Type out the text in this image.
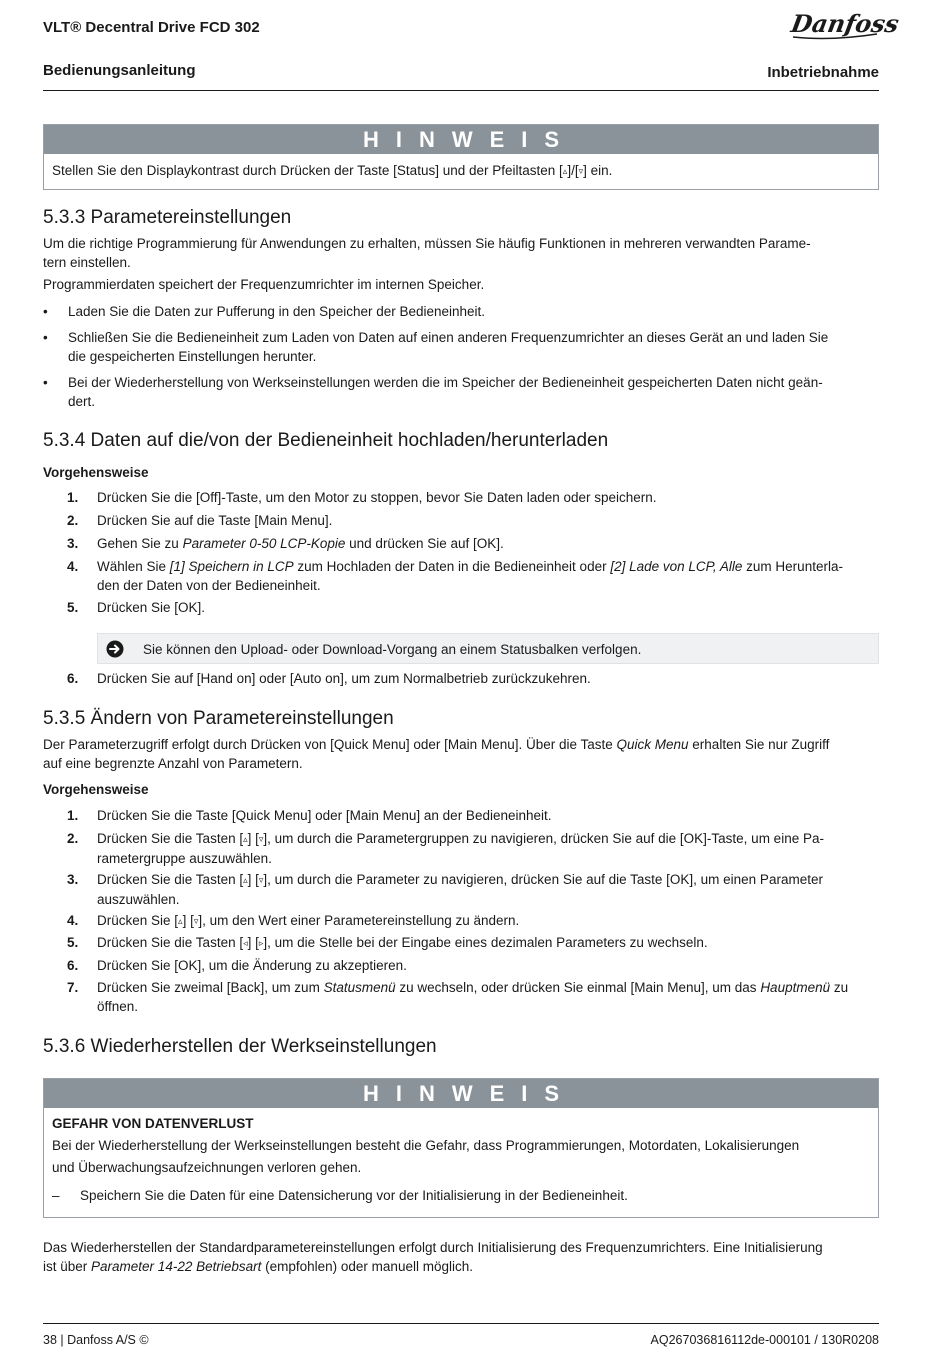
VLT® Decentral Drive FCD 302	Danfoss
Bedienungsanleitung	Inbetriebnahme
HINWEIS
Stellen Sie den Displaykontrast durch Drücken der Taste [Status] und der Pfeiltasten [▵]/[▿] ein.
5.3.3 Parametereinstellungen
Um die richtige Programmierung für Anwendungen zu erhalten, müssen Sie häufig Funktionen in mehreren verwandten Parame-
tern einstellen.
Programmierdaten speichert der Frequenzumrichter im internen Speicher.
• Laden Sie die Daten zur Pufferung in den Speicher der Bedieneinheit.
• Schließen Sie die Bedieneinheit zum Laden von Daten auf einen anderen Frequenzumrichter an dieses Gerät an und laden Sie
die gespeicherten Einstellungen herunter.
• Bei der Wiederherstellung von Werkseinstellungen werden die im Speicher der Bedieneinheit gespeicherten Daten nicht geän-
dert.
5.3.4 Daten auf die/von der Bedieneinheit hochladen/herunterladen
Vorgehensweise
1. Drücken Sie die [Off]-Taste, um den Motor zu stoppen, bevor Sie Daten laden oder speichern.
2. Drücken Sie auf die Taste [Main Menu].
3. Gehen Sie zu Parameter 0-50 LCP-Kopie und drücken Sie auf [OK].
4. Wählen Sie [1] Speichern in LCP zum Hochladen der Daten in die Bedieneinheit oder [2] Lade von LCP, Alle zum Herunterla-
den der Daten von der Bedieneinheit.
5. Drücken Sie [OK].
Sie können den Upload- oder Download-Vorgang an einem Statusbalken verfolgen.
6. Drücken Sie auf [Hand on] oder [Auto on], um zum Normalbetrieb zurückzukehren.
5.3.5 Ändern von Parametereinstellungen
Der Parameterzugriff erfolgt durch Drücken von [Quick Menu] oder [Main Menu]. Über die Taste Quick Menu erhalten Sie nur Zugriff
auf eine begrenzte Anzahl von Parametern.
Vorgehensweise
1. Drücken Sie die Taste [Quick Menu] oder [Main Menu] an der Bedieneinheit.
2. Drücken Sie die Tasten [▵] [▿], um durch die Parametergruppen zu navigieren, drücken Sie auf die [OK]-Taste, um eine Pa-
rametergruppe auszuwählen.
3. Drücken Sie die Tasten [▵] [▿], um durch die Parameter zu navigieren, drücken Sie auf die Taste [OK], um einen Parameter
auszuwählen.
4. Drücken Sie [▵] [▿], um den Wert einer Parametereinstellung zu ändern.
5. Drücken Sie die Tasten [◃] [▹], um die Stelle bei der Eingabe eines dezimalen Parameters zu wechseln.
6. Drücken Sie [OK], um die Änderung zu akzeptieren.
7. Drücken Sie zweimal [Back], um zum Statusmenü zu wechseln, oder drücken Sie einmal [Main Menu], um das Hauptmenü zu
öffnen.
5.3.6 Wiederherstellen der Werkseinstellungen
HINWEIS
GEFAHR VON DATENVERLUST
Bei der Wiederherstellung der Werkseinstellungen besteht die Gefahr, dass Programmierungen, Motordaten, Lokalisierungen
und Überwachungsaufzeichnungen verloren gehen.
– Speichern Sie die Daten für eine Datensicherung vor der Initialisierung in der Bedieneinheit.
Das Wiederherstellen der Standardparametereinstellungen erfolgt durch Initialisierung des Frequenzumrichters. Eine Initialisierung
ist über Parameter 14-22 Betriebsart (empfohlen) oder manuell möglich.
38 | Danfoss A/S ©	AQ267036816112de-000101 / 130R0208
